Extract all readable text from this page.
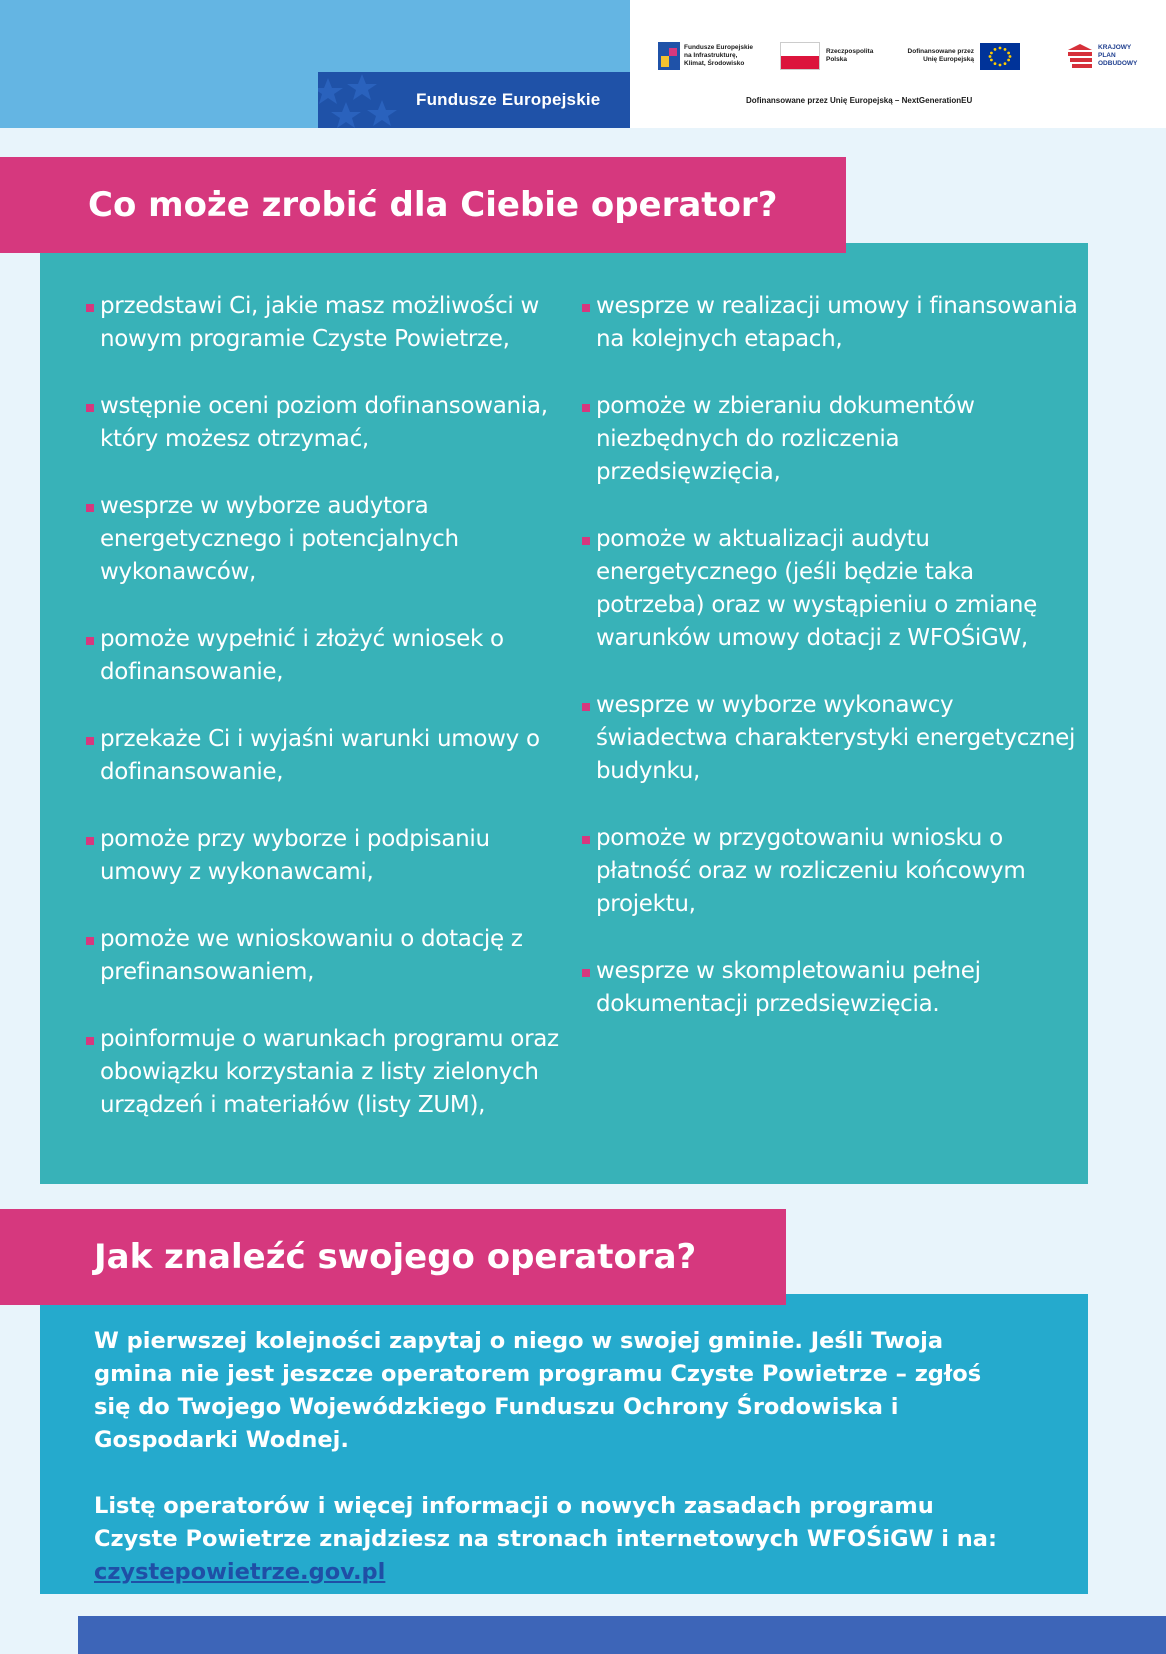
Fundusze Europejskie
Fundusze Europejskie na Infrastrukturę, Klimat, Środowisko
Rzeczpospolita Polska
Dofinansowane przez Unię Europejską
KRAJOWY PLAN ODBUDOWY
Dofinansowane przez Unię Europejską – NextGenerationEU
Co może zrobić dla Ciebie operator?
przedstawi Ci, jakie masz możliwości w nowym programie Czyste Powietrze,
wstępnie oceni poziom dofinansowania, który możesz otrzymać,
wesprze w wyborze audytora energetycznego i potencjalnych wykonawców,
pomoże wypełnić i złożyć wniosek o dofinansowanie,
przekaże Ci i wyjaśni warunki umowy o dofinansowanie,
pomoże przy wyborze i podpisaniu umowy z wykonawcami,
pomoże we wnioskowaniu o dotację z prefinansowaniem,
poinformuje o warunkach programu oraz obowiązku korzystania z listy zielonych urządzeń i materiałów (listy ZUM),
wesprze w realizacji umowy i finansowania na kolejnych etapach,
pomoże w zbieraniu dokumentów niezbędnych do rozliczenia przedsięwzięcia,
pomoże w aktualizacji audytu energetycznego (jeśli będzie taka potrzeba) oraz w wystąpieniu o zmianę warunków umowy dotacji z WFOŚiGW,
wesprze w wyborze wykonawcy świadectwa charakterystyki energetycznej budynku,
pomoże w przygotowaniu wniosku o płatność oraz w rozliczeniu końcowym projektu,
wesprze w skompletowaniu pełnej dokumentacji przedsięwzięcia.
Jak znaleźć swojego operatora?

W pierwszej kolejności zapytaj o niego w swojej gminie. Jeśli Twoja gmina nie jest jeszcze operatorem programu Czyste Powietrze – zgłoś się do Twojego Wojewódzkiego Funduszu Ochrony Środowiska i Gospodarki Wodnej.

Listę operatorów i więcej informacji o nowych zasadach programu Czyste Powietrze znajdziesz na stronach internetowych WFOŚiGW i na: czystepowietrze.gov.pl
